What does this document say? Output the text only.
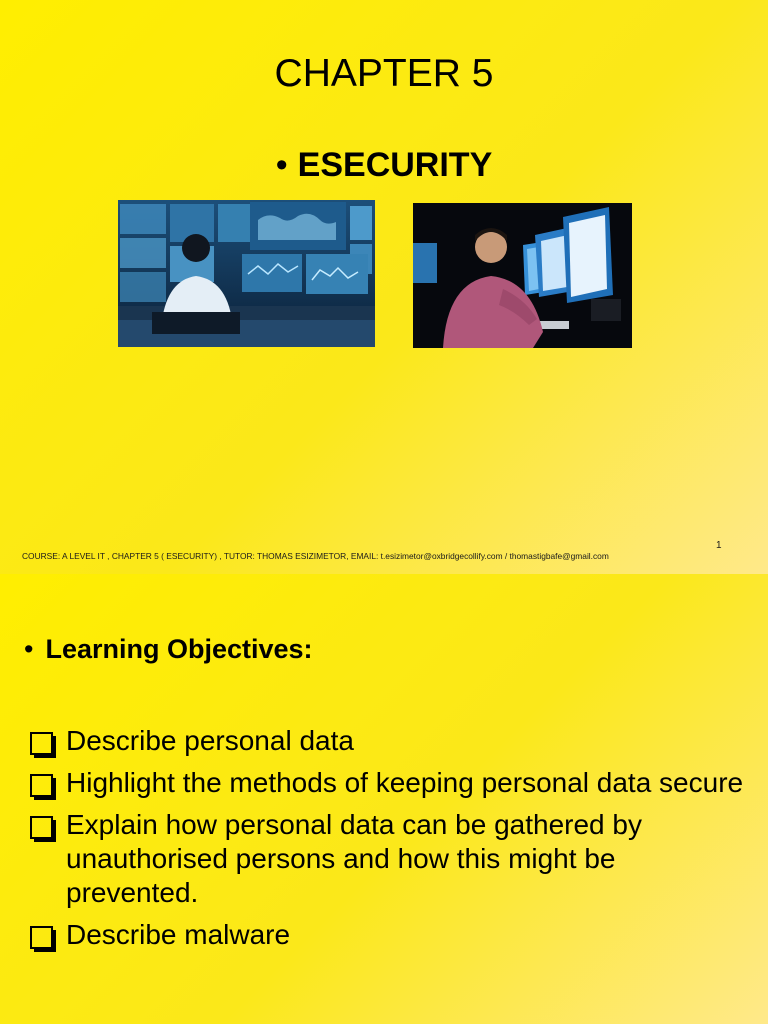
CHAPTER 5
• ESECURITY
COURSE: A LEVEL IT , CHAPTER 5 ( ESECURITY) , TUTOR: THOMAS ESIZIMETOR, EMAIL: t.esizimetor@oxbridgecollify.com / thomastigbafe@gmail.com
1
• Learning Objectives:
Describe personal data
Highlight the methods of keeping personal data secure
Explain how personal data can be gathered by unauthorised persons and how this might be prevented.
Describe malware
